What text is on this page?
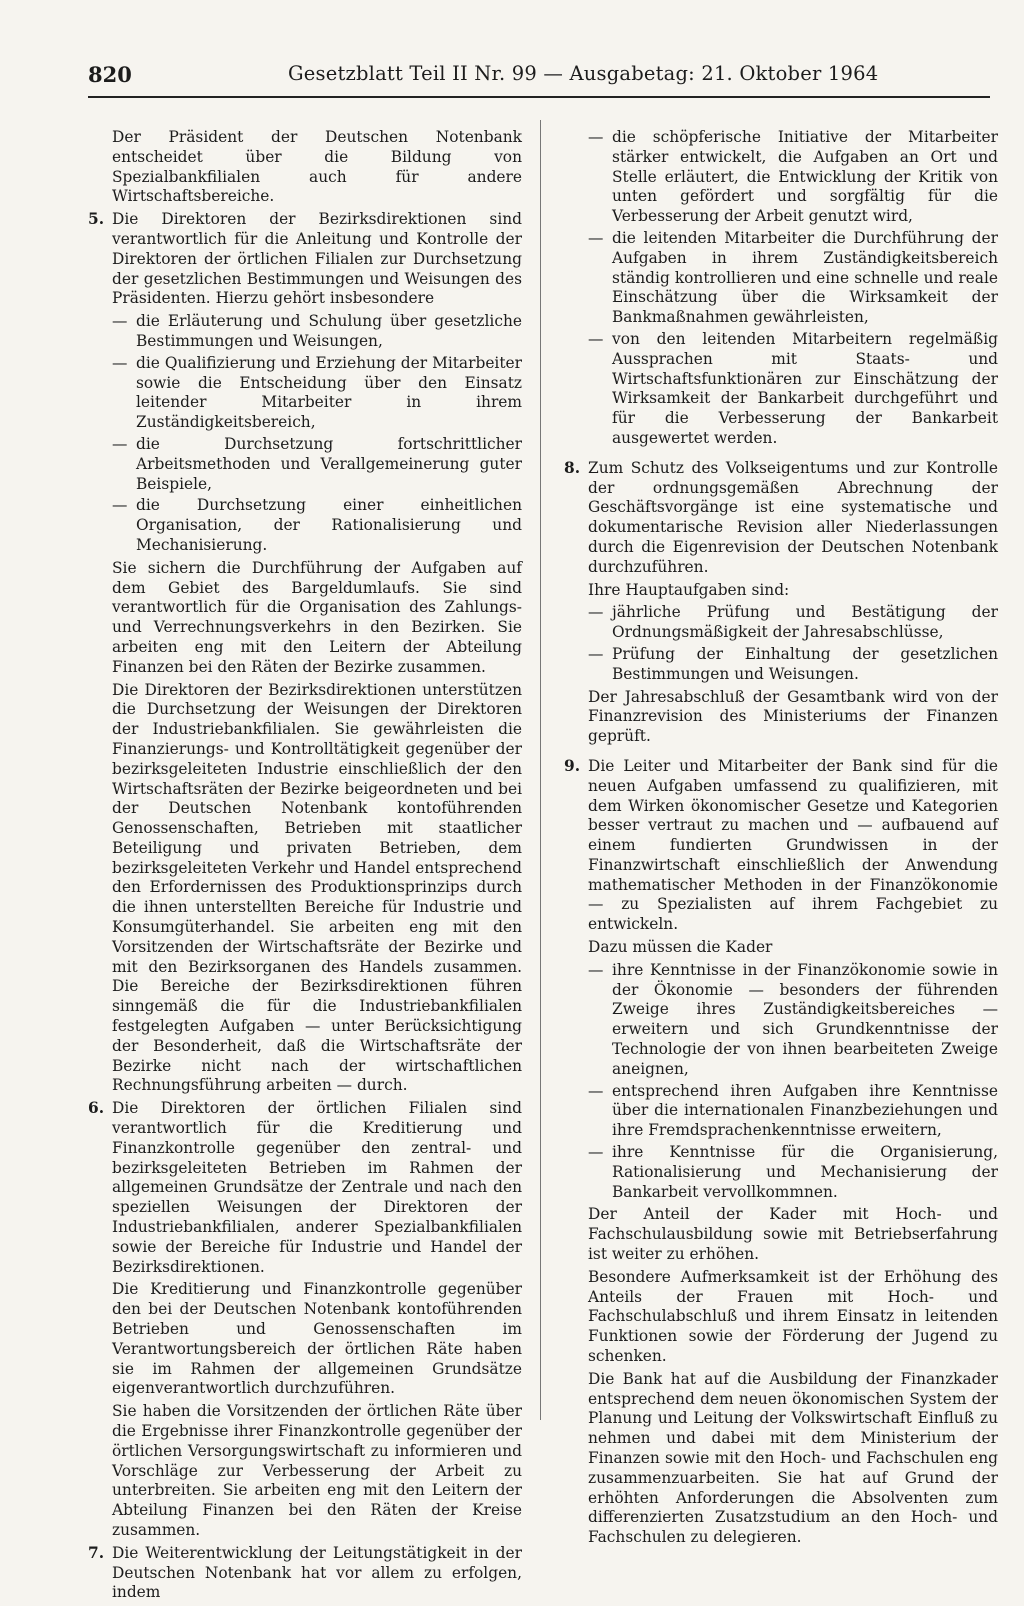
820	Gesetzblatt Teil II Nr. 99 — Ausgabetag: 21. Oktober 1964

Der Präsident der Deutschen Notenbank entscheidet über die Bildung von Spezialbankfilialen auch für andere Wirtschaftsbereiche.

5. Die Direktoren der Bezirksdirektionen sind verantwortlich für die Anleitung und Kontrolle der Direktoren der örtlichen Filialen zur Durchsetzung der gesetzlichen Bestimmungen und Weisungen des Präsidenten. Hierzu gehört insbesondere
— die Erläuterung und Schulung über gesetzliche Bestimmungen und Weisungen,
— die Qualifizierung und Erziehung der Mitarbeiter sowie die Entscheidung über den Einsatz leitender Mitarbeiter in ihrem Zuständigkeitsbereich,
— die Durchsetzung fortschrittlicher Arbeitsmethoden und Verallgemeinerung guter Beispiele,
— die Durchsetzung einer einheitlichen Organisation, der Rationalisierung und Mechanisierung.

Sie sichern die Durchführung der Aufgaben auf dem Gebiet des Bargeldumlaufs. Sie sind verantwortlich für die Organisation des Zahlungs- und Verrechnungsverkehrs in den Bezirken. Sie arbeiten eng mit den Leitern der Abteilung Finanzen bei den Räten der Bezirke zusammen.

Die Direktoren der Bezirksdirektionen unterstützen die Durchsetzung der Weisungen der Direktoren der Industriebankfilialen. Sie gewährleisten die Finanzierungs- und Kontrolltätigkeit gegenüber der bezirksgeleiteten Industrie einschließlich der den Wirtschaftsräten der Bezirke beigeordneten und bei der Deutschen Notenbank kontoführenden Genossenschaften, Betrieben mit staatlicher Beteiligung und privaten Betrieben, dem bezirksgeleiteten Verkehr und Handel entsprechend den Erfordernissen des Produktionsprinzips durch die ihnen unterstellten Bereiche für Industrie und Konsumgüterhandel. Sie arbeiten eng mit den Vorsitzenden der Wirtschaftsräte der Bezirke und mit den Bezirksorganen des Handels zusammen. Die Bereiche der Bezirksdirektionen führen sinngemäß die für die Industriebankfilialen festgelegten Aufgaben — unter Berücksichtigung der Besonderheit, daß die Wirtschaftsräte der Bezirke nicht nach der wirtschaftlichen Rechnungsführung arbeiten — durch.

6. Die Direktoren der örtlichen Filialen sind verantwortlich für die Kreditierung und Finanzkontrolle gegenüber den zentral- und bezirksgeleiteten Betrieben im Rahmen der allgemeinen Grundsätze der Zentrale und nach den speziellen Weisungen der Direktoren der Industriebankfilialen, anderer Spezialbankfilialen sowie der Bereiche für Industrie und Handel der Bezirksdirektionen.

Die Kreditierung und Finanzkontrolle gegenüber den bei der Deutschen Notenbank kontoführenden Betrieben und Genossenschaften im Verantwortungsbereich der örtlichen Räte haben sie im Rahmen der allgemeinen Grundsätze eigenverantwortlich durchzuführen.

Sie haben die Vorsitzenden der örtlichen Räte über die Ergebnisse ihrer Finanzkontrolle gegenüber der örtlichen Versorgungswirtschaft zu informieren und Vorschläge zur Verbesserung der Arbeit zu unterbreiten. Sie arbeiten eng mit den Leitern der Abteilung Finanzen bei den Räten der Kreise zusammen.

7. Die Weiterentwicklung der Leitungstätigkeit in der Deutschen Notenbank hat vor allem zu erfolgen, indem
— die schöpferische Initiative der Mitarbeiter stärker entwickelt, die Aufgaben an Ort und Stelle erläutert, die Entwicklung der Kritik von unten gefördert und sorgfältig für die Verbesserung der Arbeit genutzt wird,
— die leitenden Mitarbeiter die Durchführung der Aufgaben in ihrem Zuständigkeitsbereich ständig kontrollieren und eine schnelle und reale Einschätzung über die Wirksamkeit der Bankmaßnahmen gewährleisten,
— von den leitenden Mitarbeitern regelmäßig Aussprachen mit Staats- und Wirtschaftsfunktionären zur Einschätzung der Wirksamkeit der Bankarbeit durchgeführt und für die Verbesserung der Bankarbeit ausgewertet werden.
8. Zum Schutz des Volkseigentums und zur Kontrolle der ordnungsgemäßen Abrechnung der Geschäftsvorgänge ist eine systematische und dokumentarische Revision aller Niederlassungen durch die Eigenrevision der Deutschen Notenbank durchzuführen.

Ihre Hauptaufgaben sind:

— jährliche Prüfung und Bestätigung der Ordnungsmäßigkeit der Jahresabschlüsse,
— Prüfung der Einhaltung der gesetzlichen Bestimmungen und Weisungen.

Der Jahresabschluß der Gesamtbank wird von der Finanzrevision des Ministeriums der Finanzen geprüft.

9. Die Leiter und Mitarbeiter der Bank sind für die neuen Aufgaben umfassend zu qualifizieren, mit dem Wirken ökonomischer Gesetze und Kategorien besser vertraut zu machen und — aufbauend auf einem fundierten Grundwissen in der Finanzwirtschaft einschließlich der Anwendung mathematischer Methoden in der Finanzökonomie — zu Spezialisten auf ihrem Fachgebiet zu entwickeln.

Dazu müssen die Kader

— ihre Kenntnisse in der Finanzökonomie sowie in der Ökonomie — besonders der führenden Zweige ihres Zuständigkeitsbereiches — erweitern und sich Grundkenntnisse der Technologie der von ihnen bearbeiteten Zweige aneignen,
— entsprechend ihren Aufgaben ihre Kenntnisse über die internationalen Finanzbeziehungen und ihre Fremdsprachenkenntnisse erweitern,
— ihre Kenntnisse für die Organisierung, Rationalisierung und Mechanisierung der Bankarbeit vervollkommnen.

Der Anteil der Kader mit Hoch- und Fachschulausbildung sowie mit Betriebserfahrung ist weiter zu erhöhen.

Besondere Aufmerksamkeit ist der Erhöhung des Anteils der Frauen mit Hoch- und Fachschulabschluß und ihrem Einsatz in leitenden Funktionen sowie der Förderung der Jugend zu schenken.

Die Bank hat auf die Ausbildung der Finanzkader entsprechend dem neuen ökonomischen System der Planung und Leitung der Volkswirtschaft Einfluß zu nehmen und dabei mit dem Ministerium der Finanzen sowie mit den Hoch- und Fachschulen eng zusammenzuarbeiten. Sie hat auf Grund der erhöhten Anforderungen die Absolventen zum differenzierten Zusatzstudium an den Hoch- und Fachschulen zu delegieren.
